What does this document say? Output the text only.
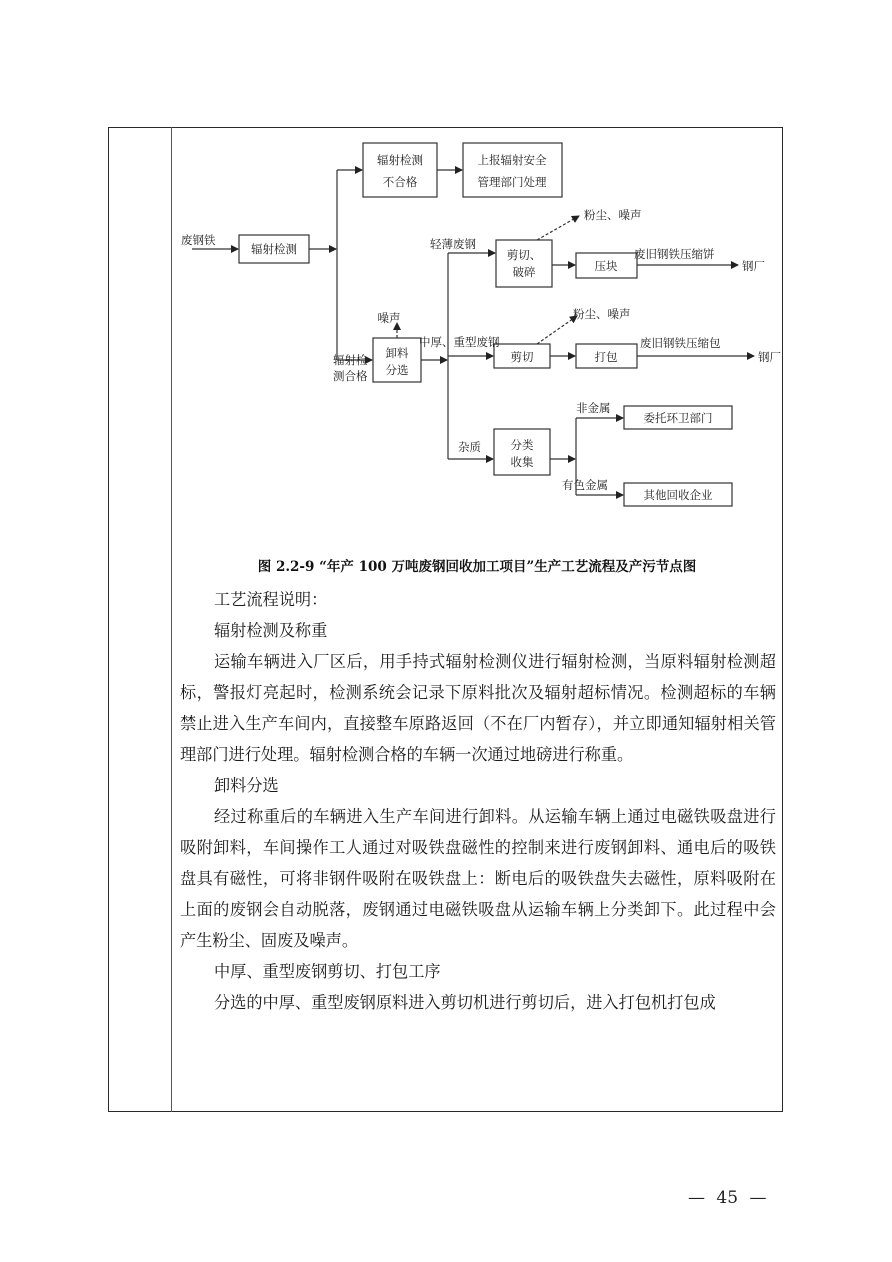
辐射检测
不合格
上报辐射安全
管理部门处理
废钢铁
辐射检测	剪切、
破碎	压块
辐射检
测合格
卸料
分选
剪切	打包
分类
收集
委托环卫部门
其他回收企业
轻薄废钢
中厚、重型废钢
杂质
非金属
有色金属
废旧钢铁压缩饼
废旧钢铁压缩包
钢厂
钢厂
粉尘、噪声
粉尘、噪声
噪声
图 2.2-9 “年产 100 万吨废钢回收加工项目”生产工艺流程及产污节点图

工艺流程说明：

辐射检测及称重

运输车辆进入厂区后，用手持式辐射检测仪进行辐射检测，当原料辐射检测超标，警报灯亮起时，检测系统会记录下原料批次及辐射超标情况。检测超标的车辆禁止进入生产车间内，直接整车原路返回（不在厂内暂存），并立即通知辐射相关管理部门进行处理。辐射检测合格的车辆一次通过地磅进行称重。

卸料分选

经过称重后的车辆进入生产车间进行卸料。从运输车辆上通过电磁铁吸盘进行吸附卸料，车间操作工人通过对吸铁盘磁性的控制来进行废钢卸料、通电后的吸铁盘具有磁性，可将非钢件吸附在吸铁盘上：断电后的吸铁盘失去磁性，原料吸附在上面的废钢会自动脱落，废钢通过电磁铁吸盘从运输车辆上分类卸下。此过程中会产生粉尘、固废及噪声。

中厚、重型废钢剪切、打包工序

分选的中厚、重型废钢原料进入剪切机进行剪切后，进入打包机打包成

— 45 —
